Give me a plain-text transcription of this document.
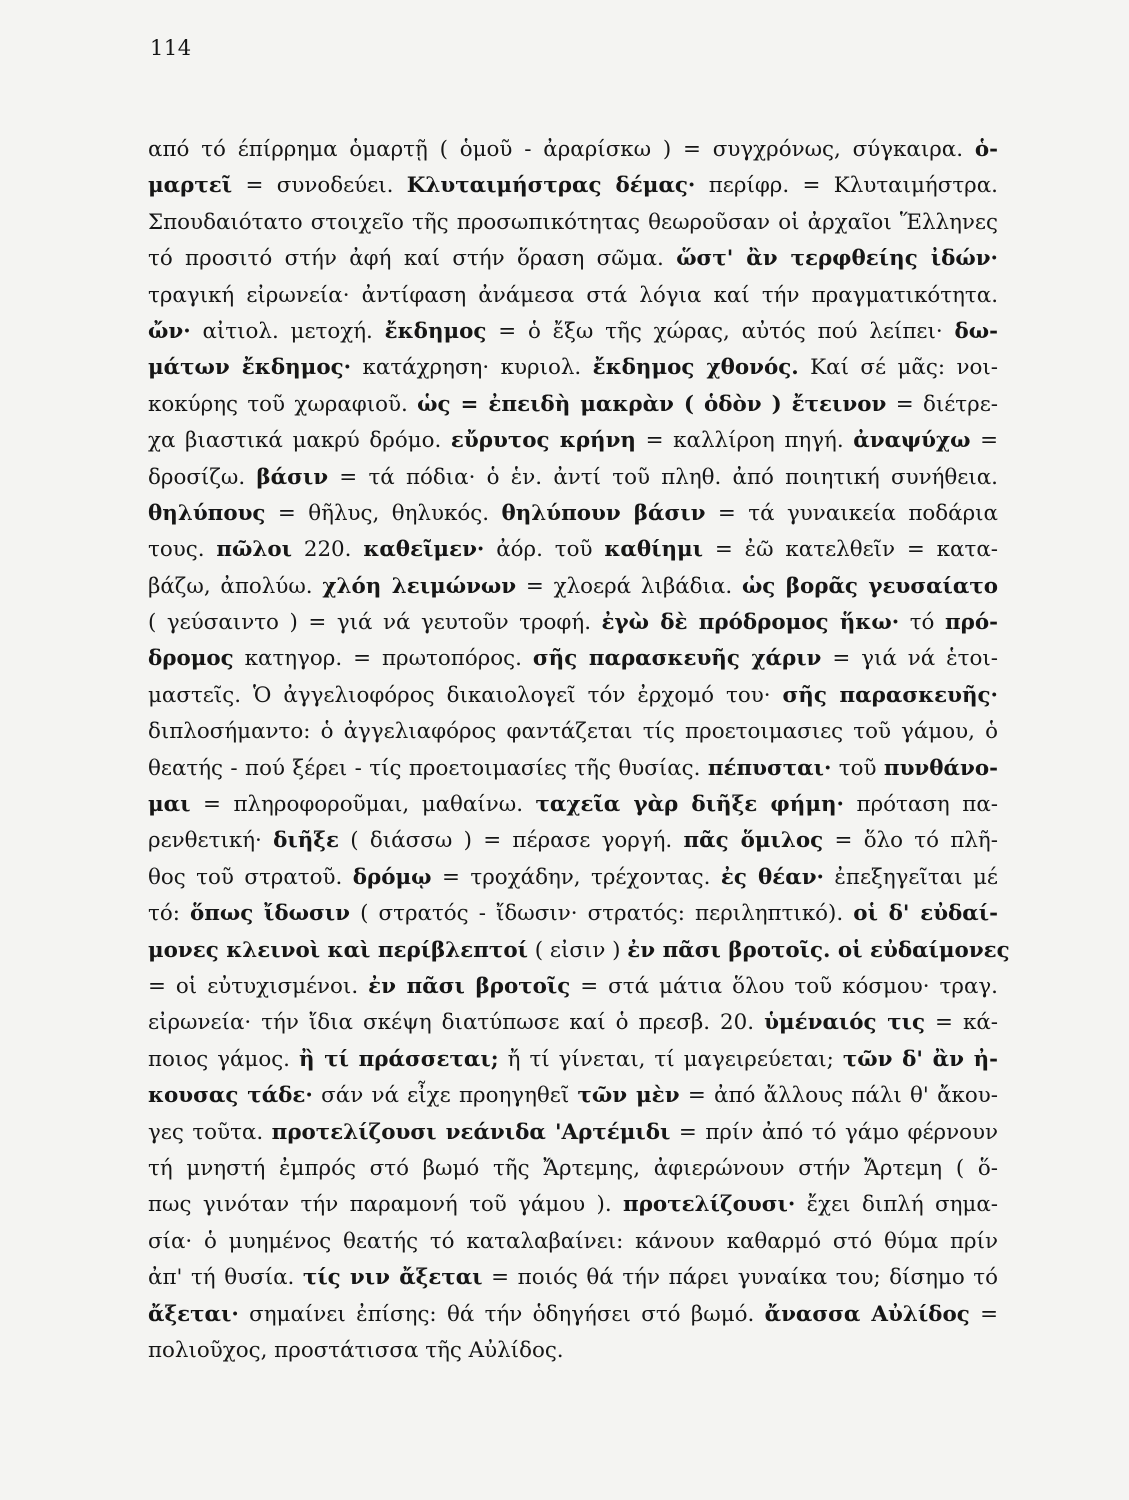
114
από τό έπίρρημα ὁμαρτῇ ( ὁμοῦ - ἀραρίσκω ) = συγχρόνως, σύγκαιρα. ὁ-
μαρτεῖ = συνοδεύει. Κλυταιμήστρας δέμας· περίφρ. = Κλυταιμήστρα.
Σπουδαιότατο στοιχεῖο τῆς προσωπικότητας θεωροῦσαν οἱ ἀρχαῖοι Ἕλληνες
τό προσιτό στήν ἀφή καί στήν ὅραση σῶμα. ὥστ' ἂν τερφθείης ἰδών·
τραγική εἰρωνεία· ἀντίφαση ἀνάμεσα στά λόγια καί τήν πραγματικότητα.
ὤν· αἰτιολ. μετοχή. ἔκδημος = ὁ ἔξω τῆς χώρας, αὐτός πού λείπει· δω-
μάτων ἔκδημος· κατάχρηση· κυριολ. ἔκδημος χθονός. Καί σέ μᾶς: νοι-
κοκύρης τοῦ χωραφιοῦ. ὡς = ἐπειδὴ μακρὰν ( ὁδὸν ) ἔτεινον = διέτρε-
χα βιαστικά μακρύ δρόμο. εὔρυτος κρήνη = καλλίροη πηγή. ἀναψύχω =
δροσίζω. βάσιν = τά πόδια· ὁ ἑν. ἀντί τοῦ πληθ. ἀπό ποιητική συνήθεια.
θηλύπους = θῆλυς, θηλυκός. θηλύπουν βάσιν = τά γυναικεία ποδάρια
τους. πῶλοι 220. καθεῖμεν· ἀόρ. τοῦ καθίημι = ἐῶ κατελθεῖν = κατα-
βάζω, ἀπολύω. χλόη λειμώνων = χλοερά λιβάδια. ὡς βορᾶς γευσαίατο
( γεύσαιντο ) = γιά νά γευτοῦν τροφή. ἐγὼ δὲ πρόδρομος ἥκω· τό πρό-
δρομος κατηγορ. = πρωτοπόρος. σῆς παρασκευῆς χάριν = γιά νά ἑτοι-
μαστεῖς. Ὁ ἀγγελιοφόρος δικαιολογεῖ τόν ἐρχομό του· σῆς παρασκευῆς·
διπλοσήμαντο: ὁ ἀγγελιαφόρος φαντάζεται τίς προετοιμασιες τοῦ γάμου, ὁ
θεατής - πού ξέρει - τίς προετοιμασίες τῆς θυσίας. πέπυσται· τοῦ πυνθάνο-
μαι = πληροφοροῦμαι, μαθαίνω. ταχεῖα γὰρ διῆξε φήμη· πρόταση πα-
ρενθετική· διῆξε ( διάσσω ) = πέρασε γοργή. πᾶς ὅμιλος = ὅλο τό πλῆ-
θος τοῦ στρατοῦ. δρόμῳ = τροχάδην, τρέχοντας. ἐς θέαν· ἐπεξηγεῖται μέ
τό: ὅπως ἴδωσιν ( στρατός - ἴδωσιν· στρατός: περιληπτικό). οἱ δ' εὐδαί-
μονες κλεινοὶ καὶ περίβλεπτοί ( εἰσιν ) ἐν πᾶσι βροτοῖς. οἱ εὐδαίμονες
= οἱ εὐτυχισμένοι. ἐν πᾶσι βροτοῖς = στά μάτια ὅλου τοῦ κόσμου· τραγ.
εἰρωνεία· τήν ἴδια σκέψη διατύπωσε καί ὁ πρεσβ. 20. ὑμέναιός τις = κά-
ποιος γάμος. ἢ τί πράσσεται; ἤ τί γίνεται, τί μαγειρεύεται; τῶν δ' ἂν ἠ-
κουσας τάδε· σάν νά εἶχε προηγηθεῖ τῶν μὲν = ἀπό ἄλλους πάλι θ' ἄκου-
γες τοῦτα. προτελίζουσι νεάνιδα 'Αρτέμιδι = πρίν ἀπό τό γάμο φέρνουν
τή μνηστή ἐμπρός στό βωμό τῆς Ἄρτεμης, ἀφιερώνουν στήν Ἄρτεμη ( ὅ-
πως γινόταν τήν παραμονή τοῦ γάμου ). προτελίζουσι· ἔχει διπλή σημα-
σία· ὁ μυημένος θεατής τό καταλαβαίνει: κάνουν καθαρμό στό θύμα πρίν
ἀπ' τή θυσία. τίς νιν ἄξεται = ποιός θά τήν πάρει γυναίκα του; δίσημο τό
ἄξεται· σημαίνει ἐπίσης: θά τήν ὁδηγήσει στό βωμό. ἄνασσα Αὐλίδος =
πολιοῦχος, προστάτισσα τῆς Αὐλίδος.
